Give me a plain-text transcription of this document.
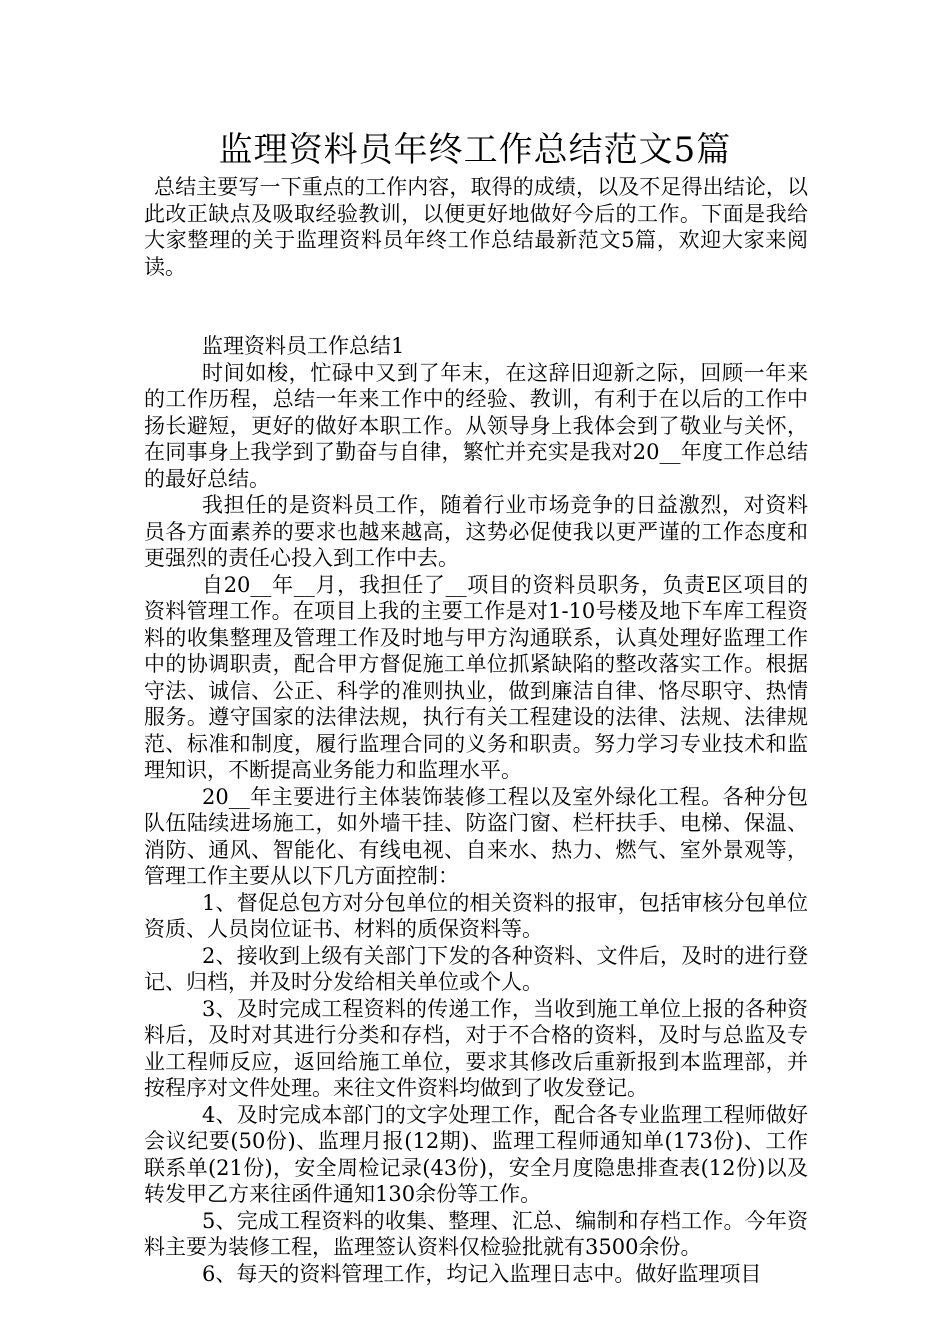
监理资料员年终工作总结范文5篇

总结主要写一下重点的工作内容，取得的成绩，以及不足得出结论，以此改正缺点及吸取经验教训，以便更好地做好今后的工作。下面是我给大家整理的关于监理资料员年终工作总结最新范文5篇，欢迎大家来阅读。

监理资料员工作总结1

时间如梭，忙碌中又到了年末，在这辞旧迎新之际，回顾一年来的工作历程，总结一年来工作中的经验、教训，有利于在以后的工作中扬长避短，更好的做好本职工作。从领导身上我体会到了敬业与关怀，在同事身上我学到了勤奋与自律，繁忙并充实是我对20__年度工作总结的最好总结。

我担任的是资料员工作，随着行业市场竞争的日益激烈，对资料员各方面素养的要求也越来越高，这势必促使我以更严谨的工作态度和更强烈的责任心投入到工作中去。

自20__年__月，我担任了__项目的资料员职务，负责E区项目的资料管理工作。在项目上我的主要工作是对1-10号楼及地下车库工程资料的收集整理及管理工作及时地与甲方沟通联系，认真处理好监理工作中的协调职责，配合甲方督促施工单位抓紧缺陷的整改落实工作。根据守法、诚信、公正、科学的准则执业，做到廉洁自律、恪尽职守、热情服务。遵守国家的法律法规，执行有关工程建设的法律、法规、法律规范、标准和制度，履行监理合同的义务和职责。努力学习专业技术和监理知识，不断提高业务能力和监理水平。

20__年主要进行主体装饰装修工程以及室外绿化工程。各种分包队伍陆续进场施工，如外墙干挂、防盗门窗、栏杆扶手、电梯、保温、消防、通风、智能化、有线电视、自来水、热力、燃气、室外景观等，管理工作主要从以下几方面控制：

1、督促总包方对分包单位的相关资料的报审，包括审核分包单位资质、人员岗位证书、材料的质保资料等。

2、接收到上级有关部门下发的各种资料、文件后，及时的进行登记、归档，并及时分发给相关单位或个人。

3、及时完成工程资料的传递工作，当收到施工单位上报的各种资料后，及时对其进行分类和存档，对于不合格的资料，及时与总监及专业工程师反应，返回给施工单位，要求其修改后重新报到本监理部，并按程序对文件处理。来往文件资料均做到了收发登记。

4、及时完成本部门的文字处理工作，配合各专业监理工程师做好会议纪要(50份)、监理月报(12期)、监理工程师通知单(173份)、工作联系单(21份)，安全周检记录(43份)，安全月度隐患排查表(12份)以及转发甲乙方来往函件通知130余份等工作。

5、完成工程资料的收集、整理、汇总、编制和存档工作。今年资料主要为装修工程，监理签认资料仅检验批就有3500余份。

6、每天的资料管理工作，均记入监理日志中。做好监理项目
